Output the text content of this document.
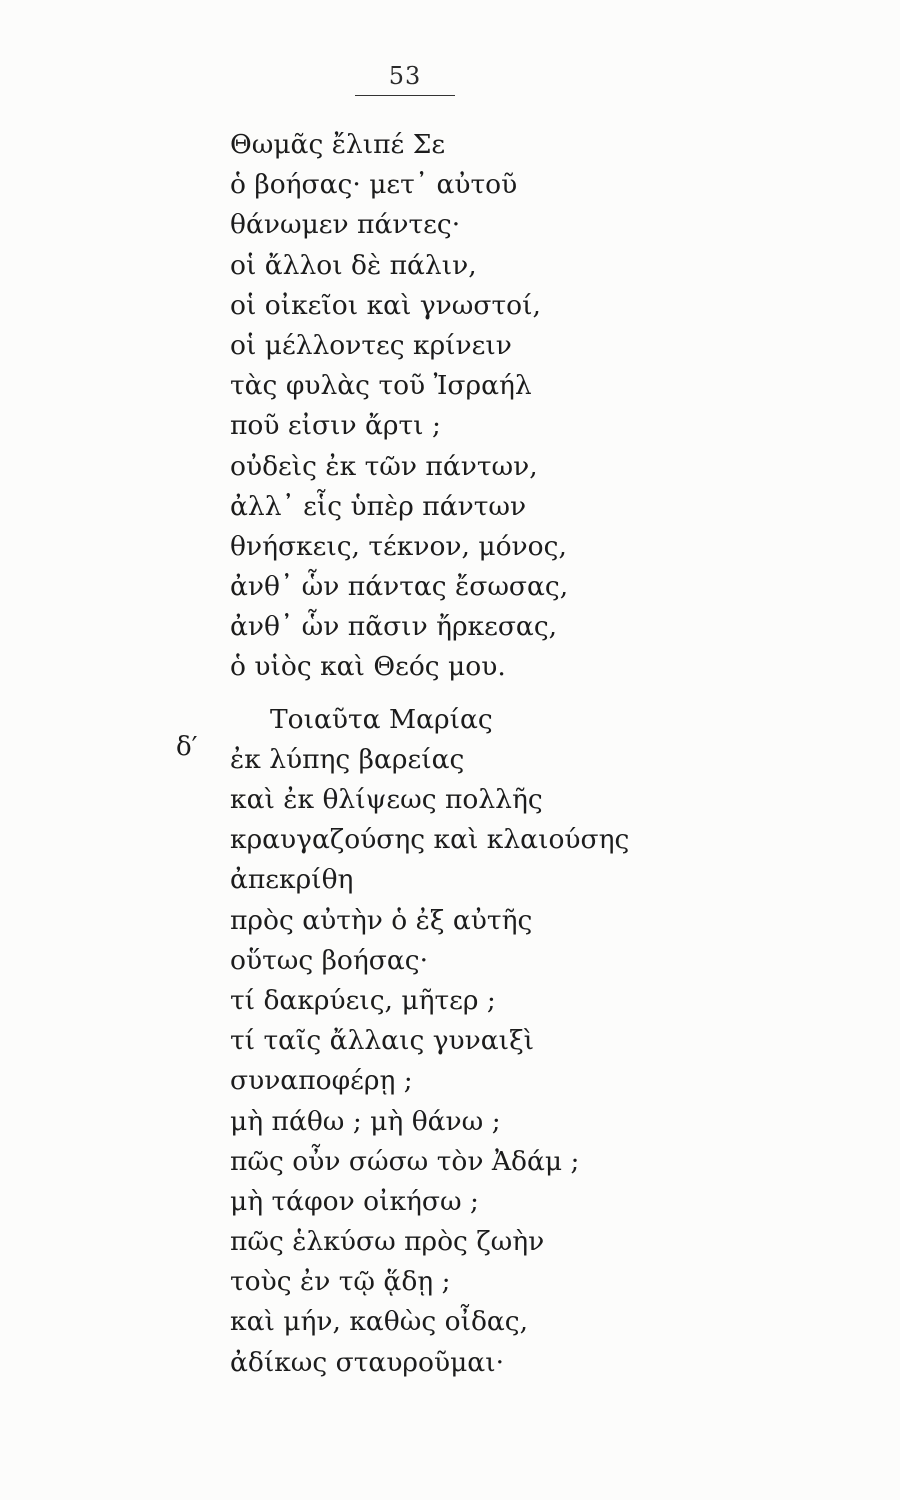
53
δ′
Θωμᾶς ἔλιπέ Σε
ὁ βοήσας· μετ᾽ αὐτοῦ
θάνωμεν πάντες·
οἱ ἄλλοι δὲ πάλιν,
οἱ οἰκεῖοι καὶ γνωστοί,
οἱ μέλλοντες κρίνειν
τὰς φυλὰς τοῦ Ἰσραήλ
ποῦ εἰσιν ἄρτι ;
οὐδεὶς ἐκ τῶν πάντων,
ἀλλ᾽ εἷς ὑπὲρ πάντων
θνήσκεις, τέκνον, μόνος,
ἀνθ᾽ ὧν πάντας ἔσωσας,
ἀνθ᾽ ὧν πᾶσιν ἤρκεσας,
ὁ υἱὸς καὶ Θεός μου.
Τοιαῦτα Μαρίας
ἐκ λύπης βαρείας
καὶ ἐκ θλίψεως πολλῆς
κραυγαζούσης καὶ κλαιούσης
ἀπεκρίθη
πρὸς αὐτὴν ὁ ἐξ αὐτῆς
οὕτως βοήσας·
τί δακρύεις, μῆτερ ;
τί ταῖς ἄλλαις γυναιξὶ
συναποφέρῃ ;
μὴ πάθω ; μὴ θάνω ;
πῶς οὖν σώσω τὸν Ἀδάμ ;
μὴ τάφον οἰκήσω ;
πῶς ἑλκύσω πρὸς ζωὴν
τοὺς ἐν τῷ ᾅδῃ ;
καὶ μήν, καθὼς οἶδας,
ἀδίκως σταυροῦμαι·
